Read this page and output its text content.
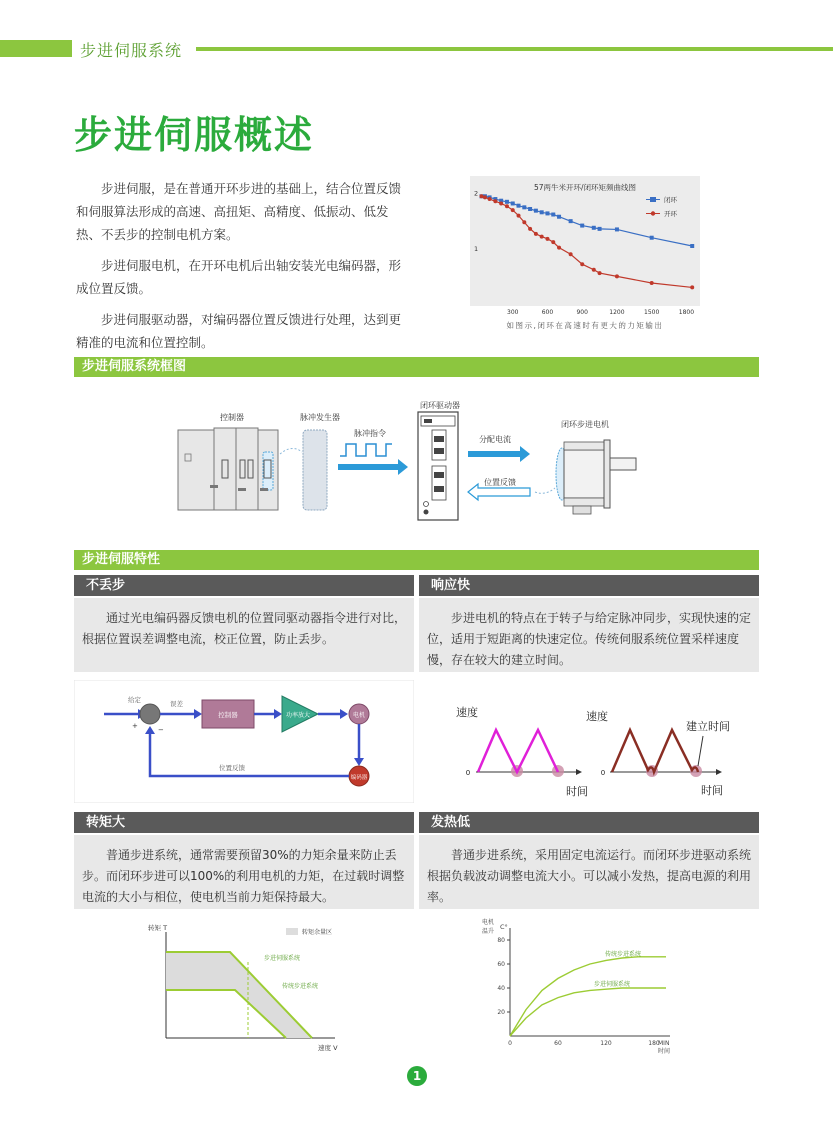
步进伺服系统
步进伺服概述

步进伺服，是在普通开环步进的基础上，结合位置反馈和伺服算法形成的高速、高扭矩、高精度、低振动、低发热、不丢步的控制电机方案。

步进伺服电机，在开环电机后出轴安装光电编码器，形成位置反馈。

步进伺服驱动器，对编码器位置反馈进行处理，达到更精准的电流和位置控制。

57两牛米开环/闭环矩频曲线图
2
1
300	600	900	1200	1500	1800
闭环
开环
如图示,闭环在高速时有更大的力矩输出
步进伺服系统框图
控制器	脉冲发生器
脉冲指令
闭环驱动器
分配电流
位置反馈
闭环步进电机
步进伺服特性
不丢步	响应快
通过光电编码器反馈电机的位置同驱动器指令进行对比，根据位置误差调整电流，校正位置，防止丢步。
步进电机的特点在于转子与给定脉冲同步，实现快速的定位，适用于短距离的快速定位。传统伺服系统位置采样速度慢，存在较大的建立时间。
给定
+	−
误差
控制器	功率放大	电机
编码器
位置反馈
速度
0
时间
速度
0
建立时间
时间
转矩大	发热低
普通步进系统，通常需要预留30%的力矩余量来防止丢步。而闭环步进可以100%的利用电机的力矩，在过载时调整电流的大小与相位，使电机当前力矩保持最大。
普通步进系统，采用固定电流运行。而闭环步进驱动系统根据负载波动调整电流大小。可以减小发热，提高电源的利用率。
转矩 T
转矩余量区
步进伺服系统
传统步进系统
速度 V
电机
温升
C°
80
60
40
20
0	60	120	180
MIN
时间
传统步进系统
步进伺服系统
1
